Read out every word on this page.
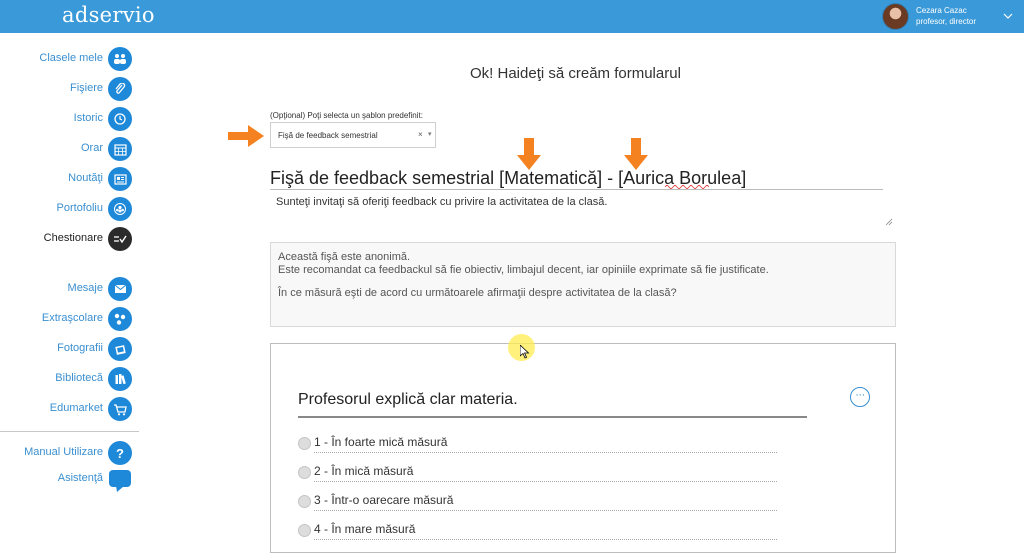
adservio	Cezara Cazac
profesor, director
Clasele mele
Fişiere
Istoric
Orar
Noutăţi
Portofoliu
Chestionare
Mesaje
Extraşcolare
Fotografii
Bibliotecă
Edumarket
Manual Utilizare	?
Asistenţă
Ok! Haideţi să creăm formularul
(Opţional) Poţi selecta un şablon predefinit:
Fişă de feedback semestrial	× ▾
Fişă de feedback semestrial [Matematică] - [Aurica Borulea]
Sunteţi invitaţi să oferiţi feedback cu privire la activitatea de la clasă.
Această fişă este anonimă.
Este recomandat ca feedbackul să fie obiectiv, limbajul decent, iar opiniile exprimate să fie justificate.
În ce măsură eşti de acord cu următoarele afirmaţii despre activitatea de la clasă?
Profesorul explică clar materia.	···
1 - În foarte mică măsură
2 - În mică măsură
3 - Într-o oarecare măsură
4 - În mare măsură
